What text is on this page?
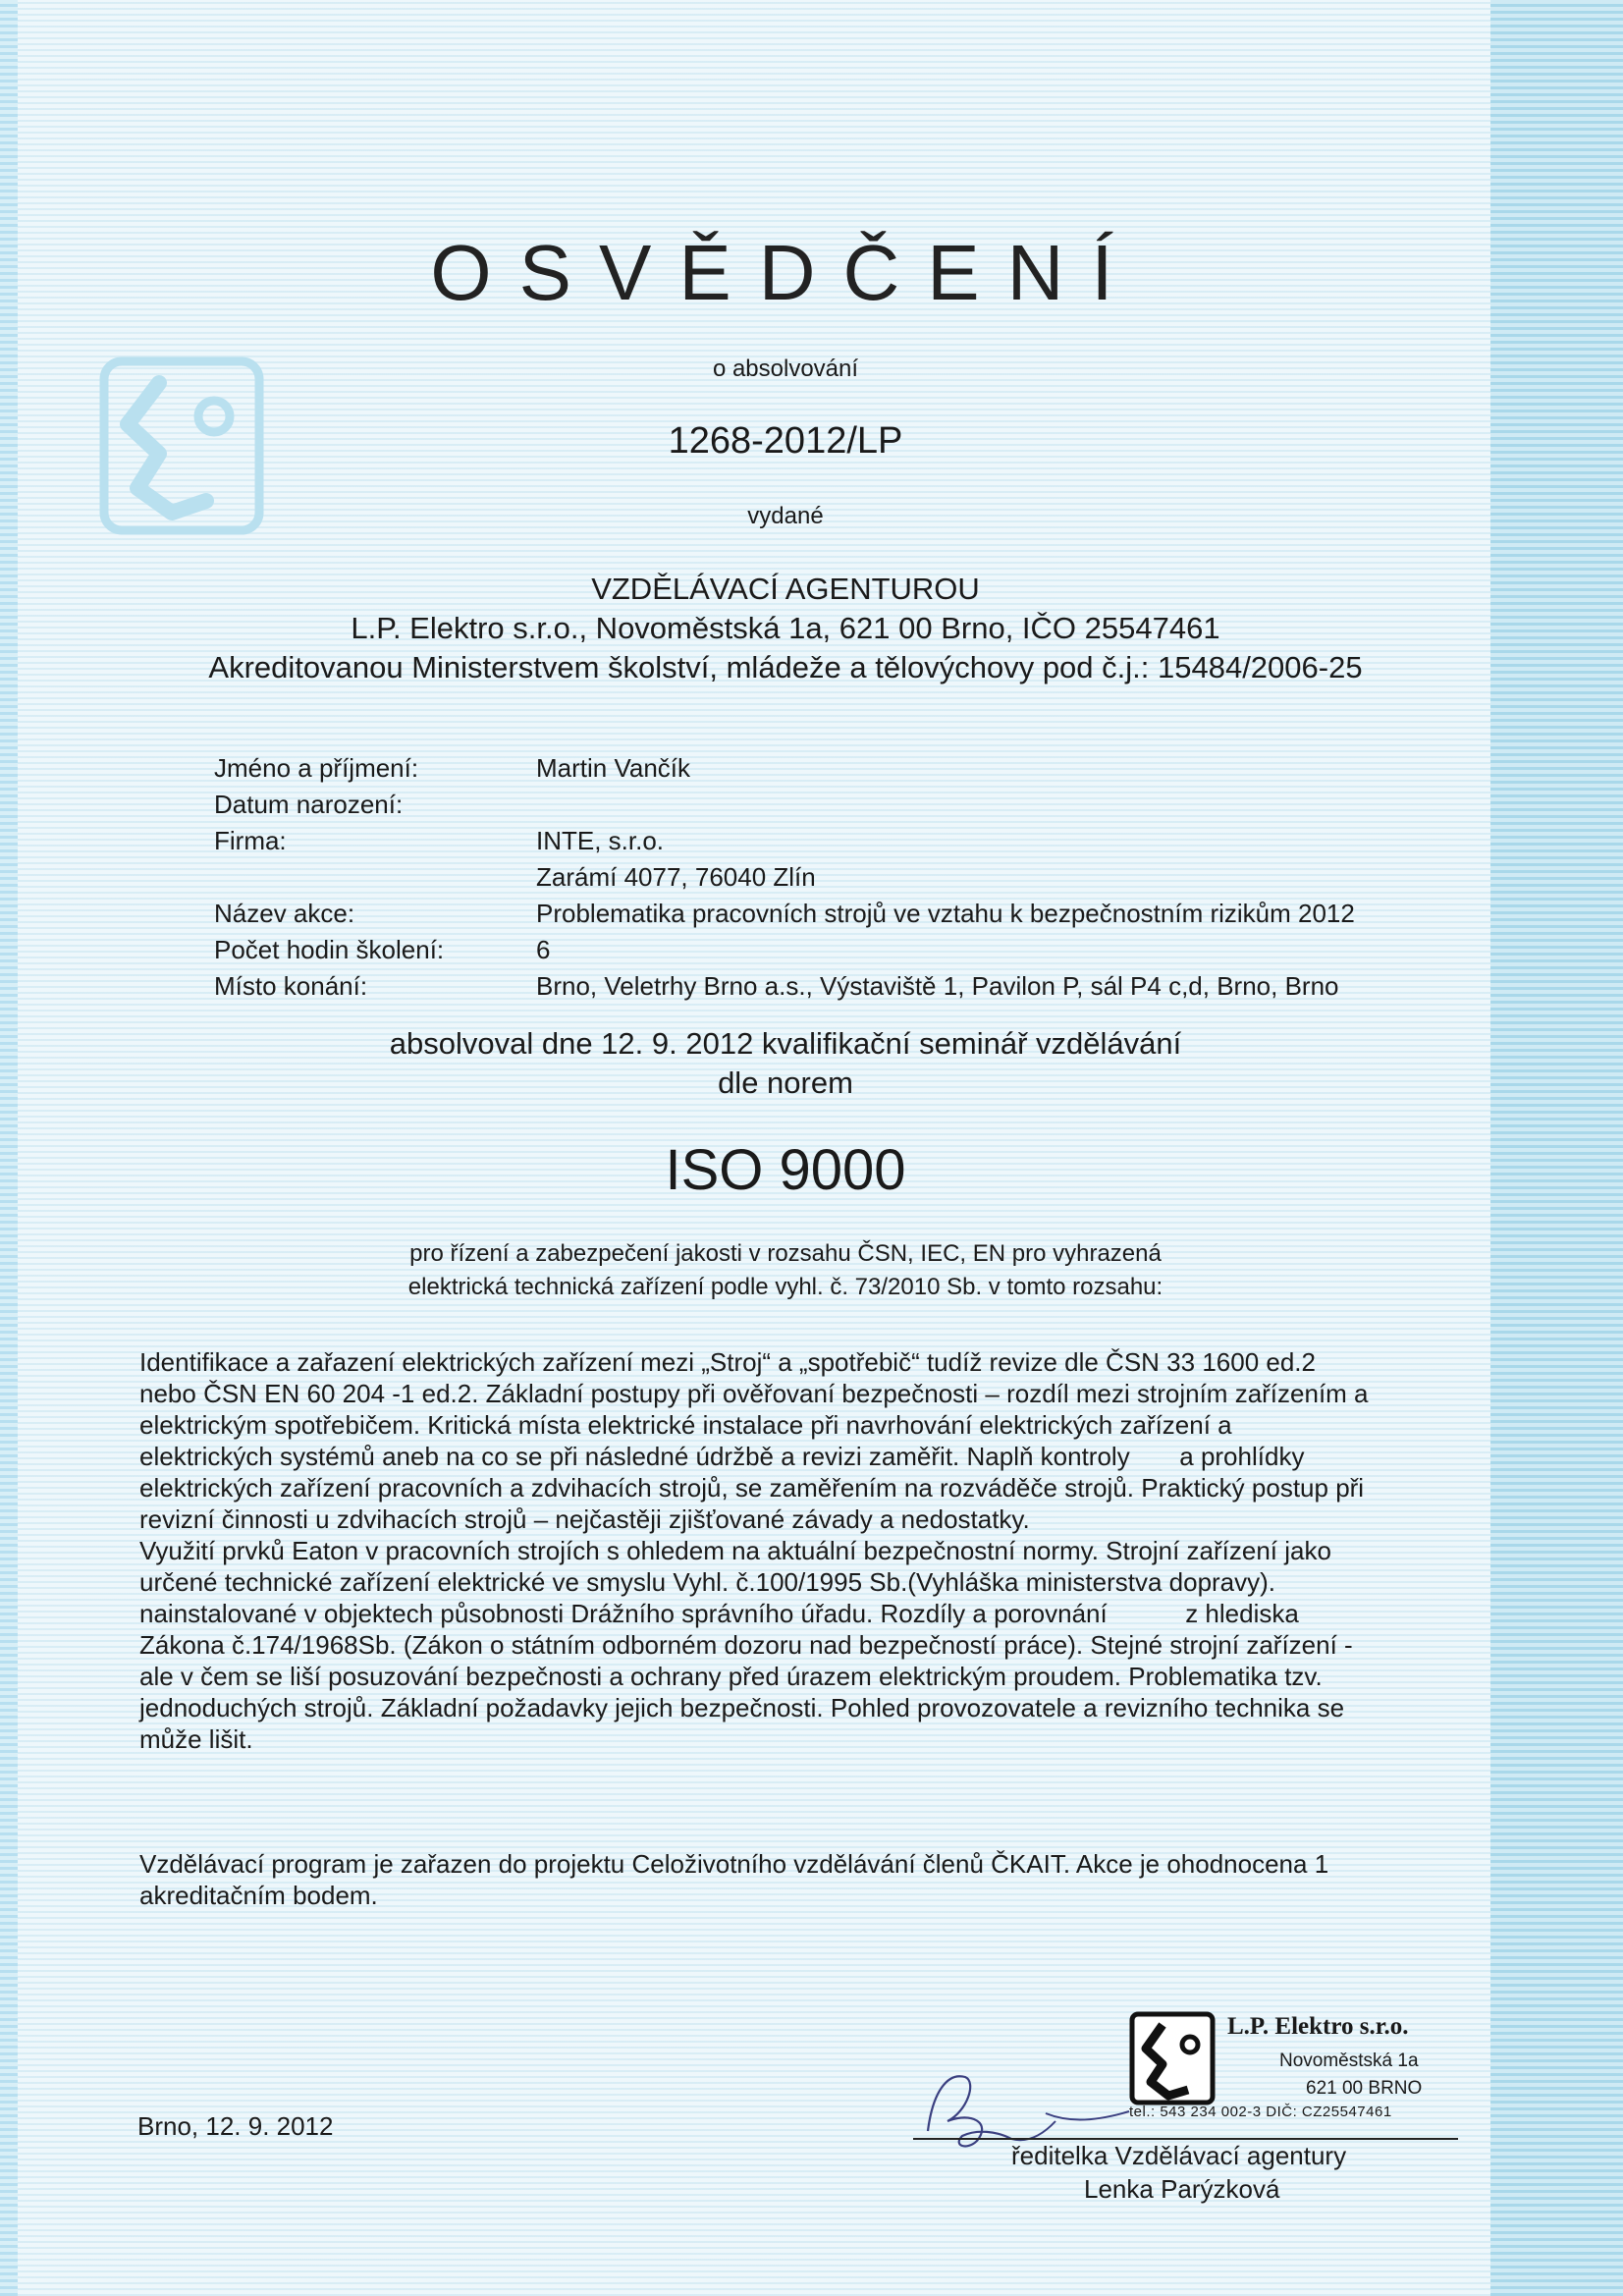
OSVĚDČENÍ
o absolvování
1268-2012/LP
vydané
VZDĚLÁVACÍ AGENTUROU
L.P. Elektro s.r.o., Novoměstská 1a, 621 00 Brno, IČO 25547461
Akreditovanou Ministerstvem školství, mládeže a tělovýchovy pod č.j.: 15484/2006-25
Jméno a příjmení:	Martin Vančík
Datum narození:
Firma:	INTE, s.r.o.
Zarámí 4077, 76040 Zlín
Název akce:	Problematika pracovních strojů ve vztahu k bezpečnostním rizikům 2012
Počet hodin školení:	6
Místo konání:	Brno, Veletrhy Brno a.s., Výstaviště 1, Pavilon P, sál P4 c,d, Brno, Brno
absolvoval dne 12. 9. 2012 kvalifikační seminář vzdělávání
dle norem
ISO 9000
pro řízení a zabezpečení jakosti v rozsahu ČSN, IEC, EN pro vyhrazená
elektrická technická zařízení podle vyhl. č. 73/2010 Sb. v tomto rozsahu:
Identifikace a zařazení elektrických zařízení mezi „Stroj“ a „spotřebič“ tudíž revize dle ČSN 33 1600 ed.2
nebo ČSN EN 60 204 -1 ed.2. Základní postupy při ověřovaní bezpečnosti – rozdíl mezi strojním zařízením a
elektrickým spotřebičem. Kritická místa elektrické instalace při navrhování elektrických zařízení a
elektrických systémů aneb na co se při následné údržbě a revizi zaměřit. Naplň kontroly       a prohlídky
elektrických zařízení pracovních a zdvihacích strojů, se zaměřením na rozváděče strojů. Praktický postup při
revizní činnosti u zdvihacích strojů – nejčastěji zjišťované závady a nedostatky.
Využití prvků Eaton v pracovních strojích s ohledem na aktuální bezpečnostní normy. Strojní zařízení jako
určené technické zařízení elektrické ve smyslu Vyhl. č.100/1995 Sb.(Vyhláška ministerstva dopravy).
nainstalované v objektech působnosti Drážního správního úřadu. Rozdíly a porovnání           z hlediska
Zákona č.174/1968Sb. (Zákon o státním odborném dozoru nad bezpečností práce). Stejné strojní zařízení -
ale v čem se liší posuzování bezpečnosti a ochrany před úrazem elektrickým proudem. Problematika tzv.
jednoduchých strojů. Základní požadavky jejich bezpečnosti. Pohled provozovatele a revizního technika se
může lišit.
Vzdělávací program je zařazen do projektu Celoživotního vzdělávání členů ČKAIT. Akce je ohodnocena 1
akreditačním bodem.
L.P. Elektro s.r.o.
Novoměstská 1a
621 00 BRNO
tel.: 543 234 002-3 DIČ: CZ25547461
Brno, 12. 9. 2012
ředitelka Vzdělávací agentury
Lenka Parýzková
